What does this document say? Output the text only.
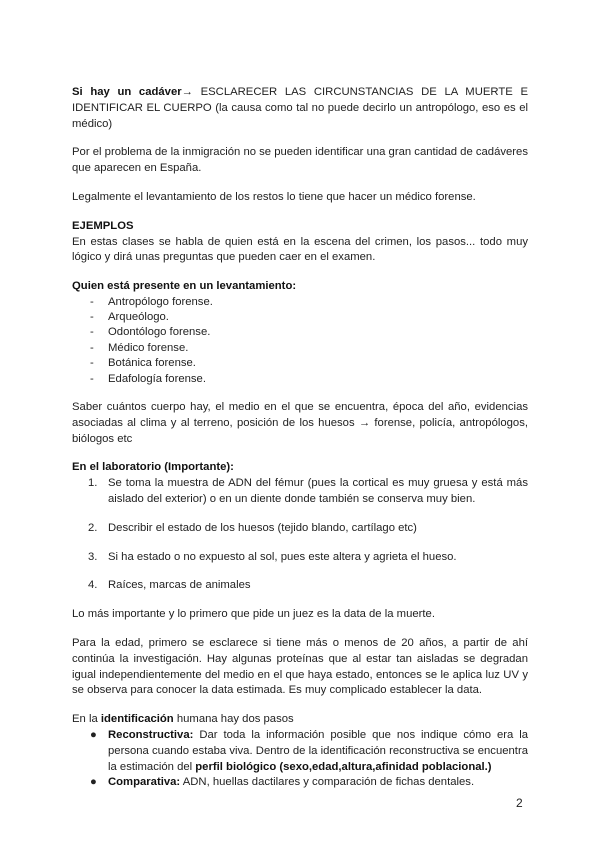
Si hay un cadáver→ ESCLARECER LAS CIRCUNSTANCIAS DE LA MUERTE E IDENTIFICAR EL CUERPO (la causa como tal no puede decirlo un antropólogo, eso es el médico)

Por el problema de la inmigración no se pueden identificar una gran cantidad de cadáveres que aparecen en España.

Legalmente el levantamiento de los restos lo tiene que hacer un médico forense.

EJEMPLOS
En estas clases se habla de quien está en la escena del crimen, los pasos... todo muy lógico y dirá unas preguntas que pueden caer en el examen.
Quien está presente en un levantamiento:
- Antropólogo forense.
- Arqueólogo.
- Odontólogo forense.
- Médico forense.
- Botánica forense.
- Edafología forense.

Saber cuántos cuerpo hay, el medio en el que se encuentra, época del año, evidencias asociadas al clima y al terreno, posición de los huesos → forense, policía, antropólogos, biólogos etc

En el laboratorio (Importante):
1. Se toma la muestra de ADN del fémur (pues la cortical es muy gruesa y está más aislado del exterior) o en un diente donde también se conserva muy bien.
2. Describir el estado de los huesos (tejido blando, cartílago etc)
3. Si ha estado o no expuesto al sol, pues este altera y agrieta el hueso.
4. Raíces, marcas de animales

Lo más importante y lo primero que pide un juez es la data de la muerte.

Para la edad, primero se esclarece si tiene más o menos de 20 años, a partir de ahí continúa la investigación. Hay algunas proteínas que al estar tan aisladas se degradan igual independientemente del medio en el que haya estado, entonces se le aplica luz UV y se observa para conocer la data estimada. Es muy complicado establecer la data.

En la identificación humana hay dos pasos
● Reconstructiva: Dar toda la información posible que nos indique cómo era la persona cuando estaba viva. Dentro de la identificación reconstructiva se encuentra la estimación del perfil biológico (sexo,edad,altura,afinidad poblacional.)
● Comparativa: ADN, huellas dactilares y comparación de fichas dentales.
2
